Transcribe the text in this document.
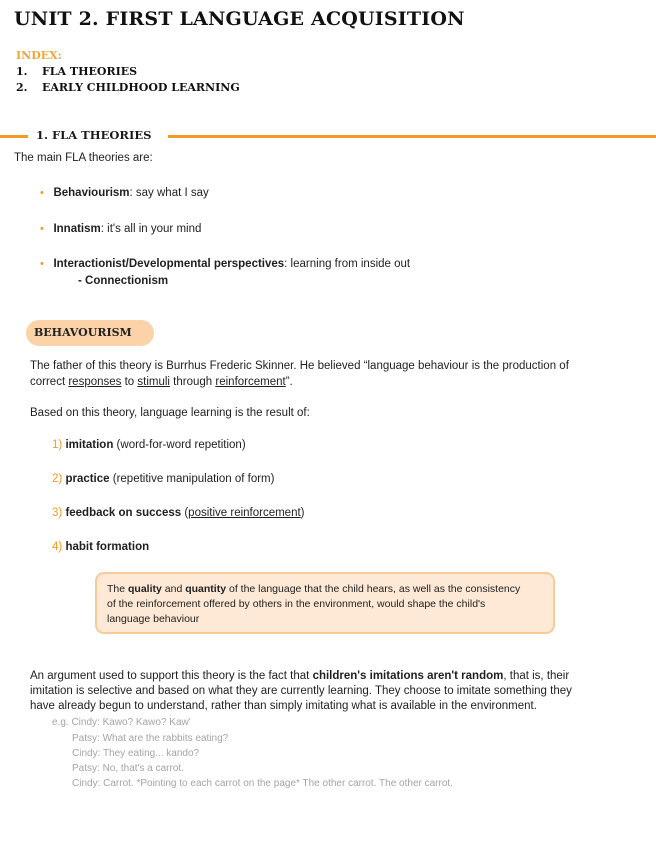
UNIT 2. FIRST LANGUAGE ACQUISITION
INDEX:
1. FLA THEORIES
2. EARLY CHILDHOOD LEARNING
1. FLA THEORIES
The main FLA theories are:
• Behaviourism: say what I say
• Innatism: it's all in your mind
• Interactionist/Developmental perspectives: learning from inside out
- Connectionism
BEHAVOURISM
The father of this theory is Burrhus Frederic Skinner. He believed “language behaviour is the production of
correct responses to stimuli through reinforcement”.
Based on this theory, language learning is the result of:
1) imitation (word-for-word repetition)
2) practice (repetitive manipulation of form)
3) feedback on success (positive reinforcement)
4) habit formation
The quality and quantity of the language that the child hears, as well as the consistency
of the reinforcement offered by others in the environment, would shape the child's
language behaviour
An argument used to support this theory is the fact that children's imitations aren't random, that is, their
imitation is selective and based on what they are currently learning. They choose to imitate something they
have already begun to understand, rather than simply imitating what is available in the environment.
e.g. Cindy: Kawo? Kawo? Kaw'
Patsy: What are the rabbits eating?
Cindy: They eating... kando?
Patsy: No, that's a carrot.
Cindy: Carrot. *Pointing to each carrot on the page* The other carrot. The other carrot.
